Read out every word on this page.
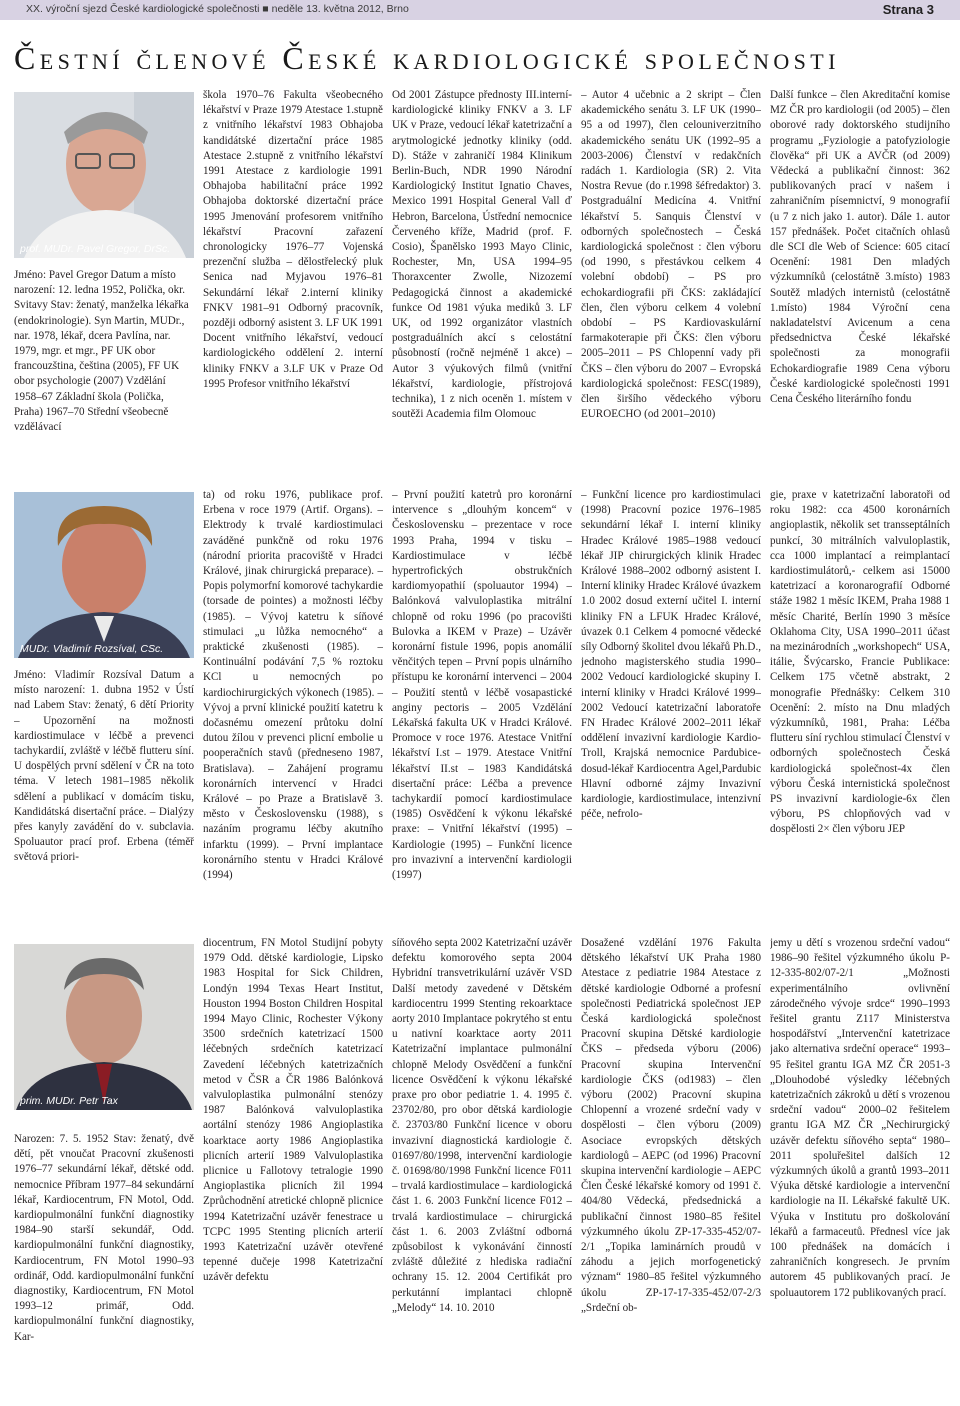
XX. výroční sjezd České kardiologické společnosti ■ neděle 13. května 2012, Brno	Strana 3
Čestní členové České kardiologické společnosti
prof. MUDr. Pavel Gregor, DrSc.
Jméno: Pavel Gregor Datum a místo narození: 12. ledna 1952, Polička, okr. Svitavy Stav: ženatý, manželka lékařka (endokrinologie). Syn Martin, MUDr., nar. 1978, lékař, dcera Pavlína, nar. 1979, mgr. et mgr., PF UK obor francouzština, čeština (2005), FF UK obor psychologie (2007) Vzdělání 1958–67 Základní škola (Polička, Praha) 1967–70 Střední všeobecně vzdělávací
škola 1970–76 Fakulta všeobecného lékařství v Praze 1979 Atestace 1.stupně z vnitřního lékařství 1983 Obhajoba kandidátské dizertační práce 1985 Atestace 2.stupně z vnitřního lékařství 1991 Atestace z kardiologie 1991 Obhajoba habilitační práce 1992 Obhajoba doktorské dizertační práce 1995 Jmenování profesorem vnitřního lékařství Pracovní zařazení chronologicky 1976–77 Vojenská prezenční služba – dělostřelecký pluk Senica nad Myjavou 1976–81 Sekundární lékař 2.interní kliniky FNKV 1981–91 Odborný pracovník, později odborný asistent 3. LF UK 1991 Docent vnitřního lékařství, vedoucí kardiologického oddělení 2. interní kliniky FNKV a 3.LF UK v Praze Od 1995 Profesor vnitřního lékařství
Od 2001 Zástupce přednosty III.interní-kardiologické kliniky FNKV a 3. LF UK v Praze, vedoucí lékař katetrizační a arytmologické jednotky kliniky (odd. D). Stáže v zahraničí 1984 Klinikum Berlin-Buch, NDR 1990 Národní Kardiologický Institut Ignatio Chaves, Mexico 1991 Hospital General Vall ď Hebron, Barcelona, Ústřední nemocnice Červeného kříže, Madrid (prof. F. Cosio), Španělsko 1993 Mayo Clinic, Rochester, Mn, USA 1994–95 Thoraxcenter Zwolle, Nizozemí Pedagogická činnost a akademické funkce Od 1981 výuka mediků 3. LF UK, od 1992 organizátor vlastních postgraduálních akcí s celostátní působností (ročně nejméně 1 akce) – Autor 3 výukových filmů (vnitřní lékařství, kardiologie, přístrojová technika), 1 z nich oceněn 1. místem v soutěži Academia film Olomouc
– Autor 4 učebnic a 2 skript – Člen akademického senátu 3. LF UK (1990–95 a od 1997), člen celouniverzitního akademického senátu UK (1992–95 a 2003-2006) Členství v redakčních radách 1. Kardiologia (SR) 2. Vita Nostra Revue (do r.1998 šéfredaktor) 3. Postgraduální Medicína 4. Vnitřní lékařství 5. Sanquis Členství v odborných společnostech – Česká kardiologická společnost : člen výboru (od 1990, s přestávkou celkem 4 volební období) – PS pro echokardiografii při ČKS: zakládající člen, člen výboru celkem 4 volební období – PS Kardiovaskulární farmakoterapie při ČKS: člen výboru 2005–2011 – PS Chlopenní vady při ČKS – člen výboru do 2007 – Evropská kardiologická společnost: FESC(1989), člen širšího vědeckého výboru EUROECHO (od 2001–2010)
Další funkce – člen Akreditační komise MZ ČR pro kardiologii (od 2005) – člen oborové rady doktorského studijního programu „Fyziologie a patofyziologie člověka“ při UK a AVČR (od 2009) Vědecká a publikační činnost: 362 publikovaných prací v našem i zahraničním písemnictví, 9 monografií (u 7 z nich jako 1. autor). Dále 1. autor 157 přednášek. Počet citačních ohlasů dle SCI dle Web of Science: 605 citací Ocenění: 1981 Den mladých výzkumníků (celostátně 3.místo) 1983 Soutěž mladých internistů (celostátně 1.místo) 1984 Výroční cena nakladatelství Avicenum a cena předsednictva České lékařské společnosti za monografii Echokardiografie 1989 Cena výboru České kardiologické společnosti 1991 Cena Českého literárního fondu
MUDr. Vladimír Rozsíval, CSc.
Jméno: Vladimír Rozsíval Datum a místo narození: 1. dubna 1952 v Ústí nad Labem Stav: ženatý, 6 dětí Priority – Upozornění na možnosti kardiostimulace v léčbě a prevenci tachykardií, zvláště v léčbě flutteru síní. U dospělých první sdělení v ČR na toto téma. V letech 1981–1985 několik sdělení a publikací v domácím tisku, Kandidátská disertační práce. – Dialýzy přes kanyly zavádění do v. subclavia. Spoluautor prací prof. Erbena (téměř světová priori-
ta) od roku 1976, publikace prof. Erbena v roce 1979 (Artif. Organs). – Elektrody k trvalé kardiostimulaci zaváděné punkčně od roku 1976 (národní priorita pracoviště v Hradci Králové, jinak chirurgická preparace). – Popis polymorfní komorové tachykardie (torsade de pointes) a možnosti léčby (1985). – Vývoj katetru k síňové stimulaci „u lůžka nemocného“ a praktické zkušenosti (1985). – Kontinuální podávání 7,5 % roztoku KCl u nemocných po kardiochirurgických výkonech (1985). – Vývoj a první klinické použití katetru k dočasnému omezení průtoku dolní dutou žílou v prevenci plicní embolie u pooperačních stavů (předneseno 1987, Bratislava). – Zahájení programu koronárních intervencí v Hradci Králové – po Praze a Bratislavě 3. město v Československu (1988), s nazáním programu léčby akutního infarktu (1999). – První implantace koronárního stentu v Hradci Králové (1994)
– První použití katetrů pro koronární intervence s „dlouhým koncem“ v Československu – prezentace v roce 1993 Praha, 1994 v tisku – Kardiostimulace v léčbě hypertrofických obstrukčních kardiomyopathií (spoluautor 1994) – Balónková valvuloplastika mitrální chlopně od roku 1996 (po pracovišti Bulovka a IKEM v Praze) – Uzávěr koronární fistule 1996, popis anomálií věnčitých tepen – První popis ulnárního přístupu ke koronární intervenci – 2004 – Použití stentů v léčbě vosapastické anginy pectoris – 2005 Vzdělání Lékařská fakulta UK v Hradci Králové. Promoce v roce 1976. Atestace Vnitřní lékařství I.st – 1979. Atestace Vnitřní lékařství II.st – 1983 Kandidátská disertační práce: Léčba a prevence tachykardií pomocí kardiostimulace (1985) Osvědčení k výkonu lékařské praxe: – Vnitřní lékařství (1995) – Kardiologie (1995) – Funkční licence pro invazivní a intervenční kardiologii (1997)
– Funkční licence pro kardiostimulaci (1998) Pracovní pozice 1976–1985 sekundární lékař I. interní kliniky Hradec Králové 1985–1988 vedoucí lékař JIP chirurgických klinik Hradec Králové 1988–2002 odborný asistent I. Interní kliniky Hradec Králové úvazkem 1.0 2002 dosud externí učitel I. interní kliniky FN a LFUK Hradec Králové, úvazek 0.1 Celkem 4 pomocné vědecké síly Odborný školitel dvou lékařů Ph.D., jednoho magisterského studia 1990–2002 Vedoucí kardiologické skupiny I. interní kliniky v Hradci Králové 1999–2002 Vedoucí katetrizační laboratoře FN Hradec Králové 2002–2011 lékař oddělení invazivní kardiologie Kardio-Troll, Krajská nemocnice Pardubice-dosud-lékař Kardiocentra Agel,Pardubic Hlavní odborné zájmy Invazivní kardiologie, kardiostimulace, intenzivní péče, nefrolo-
gie, praxe v katetrizační laboratoři od roku 1982: cca 4500 koronárních angioplastik, několik set transseptálních punkcí, 30 mitrálních valvuloplastik, cca 1000 implantací a reimplantací kardiostimulátorů,- celkem asi 15000 katetrizací a koronarografií Odborné stáže 1982 1 měsíc IKEM, Praha 1988 1 měsíc Charité, Berlín 1990 3 měsíce Oklahoma City, USA 1990–2011 účast na mezinárodních „workshopech“ USA, itálie, Švýcarsko, Francie Publikace: Celkem 175 včetně abstrakt, 2 monografie Přednášky: Celkem 310 Ocenění: 2. místo na Dnu mladých výzkumníků, 1981, Praha: Léčba flutteru síní rychlou stimulací Členství v odborných společnostech Česká kardiologická společnost-4x člen výboru Česká internistická společnost PS invazivní kardiologie-6x člen výboru, PS chlopňových vad v dospělosti 2× člen výboru JEP
prim. MUDr. Petr Tax
Narozen: 7. 5. 1952 Stav: ženatý, dvě dětí, pět vnoučat Pracovní zkušenosti 1976–77 sekundární lékař, dětské odd. nemocnice Příbram 1977–84 sekundární lékař, Kardiocentrum, FN Motol, Odd. kardiopulmonální funkční diagnostiky 1984–90 starší sekundář, Odd. kardiopulmonální funkční diagnostiky, Kardiocentrum, FN Motol 1990–93 ordinář, Odd. kardiopulmonální funkční diagnostiky, Kardiocentrum, FN Motol 1993–12 primář, Odd. kardiopulmonální funkční diagnostiky, Kar-
diocentrum, FN Motol Studijní pobyty 1979 Odd. dětské kardiologie, Lipsko 1983 Hospital for Sick Children, Londýn 1994 Texas Heart Institut, Houston 1994 Boston Children Hospital 1994 Mayo Clinic, Rochester Výkony 3500 srdečních katetrizací 1500 léčebných srdečních katetrizací Zavedení léčebných katetrizačních metod v ČSR a ČR 1986 Balónková valvuloplastika pulmonální stenózy 1987 Balónková valvuloplastika aortální stenózy 1986 Angioplastika koarktace aorty 1986 Angioplastika plicních arterií 1989 Valvuloplastika plicnice u Fallotovy tetralogie 1990 Angioplastika plicních žil 1994 Zprůchodnění atretické chlopně plicnice 1994 Katetrizační uzávěr fenestrace u TCPC 1995 Stenting plicních arterií 1993 Katetrizační uzávěr otevřené tepenné dučeje 1998 Katetrizační uzávěr defektu
síňového septa 2002 Katetrizační uzávěr defektu komorového septa 2004 Hybridní transvetrikulární uzávěr VSD Další metody zavedené v Dětském kardiocentru 1999 Stenting rekoarktace aorty 2010 Implantace pokrytého st entu u nativní koarktace aorty 2011 Katetrizační implantace pulmonální chlopně Melody Osvědčení a funkční licence Osvědčení k výkonu lékařské praxe pro obor pediatrie 1. 4. 1995 č. 23702/80, pro obor dětská kardiologie č. 23703/80 Funkční licence v oboru invazivní diagnostická kardiologie č. 01697/80/1998, intervenční kardiologie č. 01698/80/1998 Funkční licence F011 – trvalá kardiostimulace – kardiologická část 1. 6. 2003 Funkční licence F012 – trvalá kardiostimulace – chirurgická část 1. 6. 2003 Zvláštní odborná způsobilost k vykonávání činností zvláště důležité z hlediska radiační ochrany 15. 12. 2004 Certifikát pro perkutánní implantaci chlopně „Melody“ 14. 10. 2010
Dosažené vzdělání 1976 Fakulta dětského lékařství UK Praha 1980 Atestace z pediatrie 1984 Atestace z dětské kardiologie Odborné a profesní společnosti Pediatrická společnost JEP Česká kardiologická společnost Pracovní skupina Dětské kardiologie ČKS – předseda výboru (2006) Pracovní skupina Intervenční kardiologie ČKS (od1983) – člen výboru (2002) Pracovní skupina Chlopenní a vrozené srdeční vady v dospělosti – člen výboru (2009) Asociace evropských dětských kardiologů – AEPC (od 1996) Pracovní skupina intervenční kardiologie – AEPC Člen České lékařské komory od 1991 č. 404/80 Vědecká, předsednická a publikační činnost 1980–85 řešitel výzkumného úkolu ZP-17-335-452/07-2/1 „Topika laminárních proudů v záhodu a jejich morfogenetický význam“ 1980–85 řešitel výzkumného úkolu ZP-17-17-335-452/07-2/3 „Srdeční ob-
jemy u dětí s vrozenou srdeční vadou“ 1986–90 řešitel výzkumného úkolu P-12-335-802/07-2/1 „Možnosti experimentálního ovlivnění zárodečného vývoje srdce“ 1990–1993 řešitel grantu Z117 Ministerstva hospodářství „Intervenční katetrizace jako alternativa srdeční operace“ 1993–95 řešitel grantu IGA MZ ČR 2051-3 „Dlouhodobé výsledky léčebných katetrizačních zákroků u dětí s vrozenou srdeční vadou“ 2000–02 řešitelem grantu IGA MZ ČR „Nechirurgický uzávěr defektu síňového septa“ 1980–2011 spoluřešitel dalších 12 výzkumných úkolů a grantů 1993–2011 Výuka dětské kardiologie a intervenční kardiologie na II. Lékařské fakultě UK. Výuka v Institutu pro doškolování lékařů a farmaceutů. Přednesl více jak 100 přednášek na domácích i zahraničních kongresech. Je prvním autorem 45 publikovaných prací. Je spoluautorem 172 publikovaných prací.
